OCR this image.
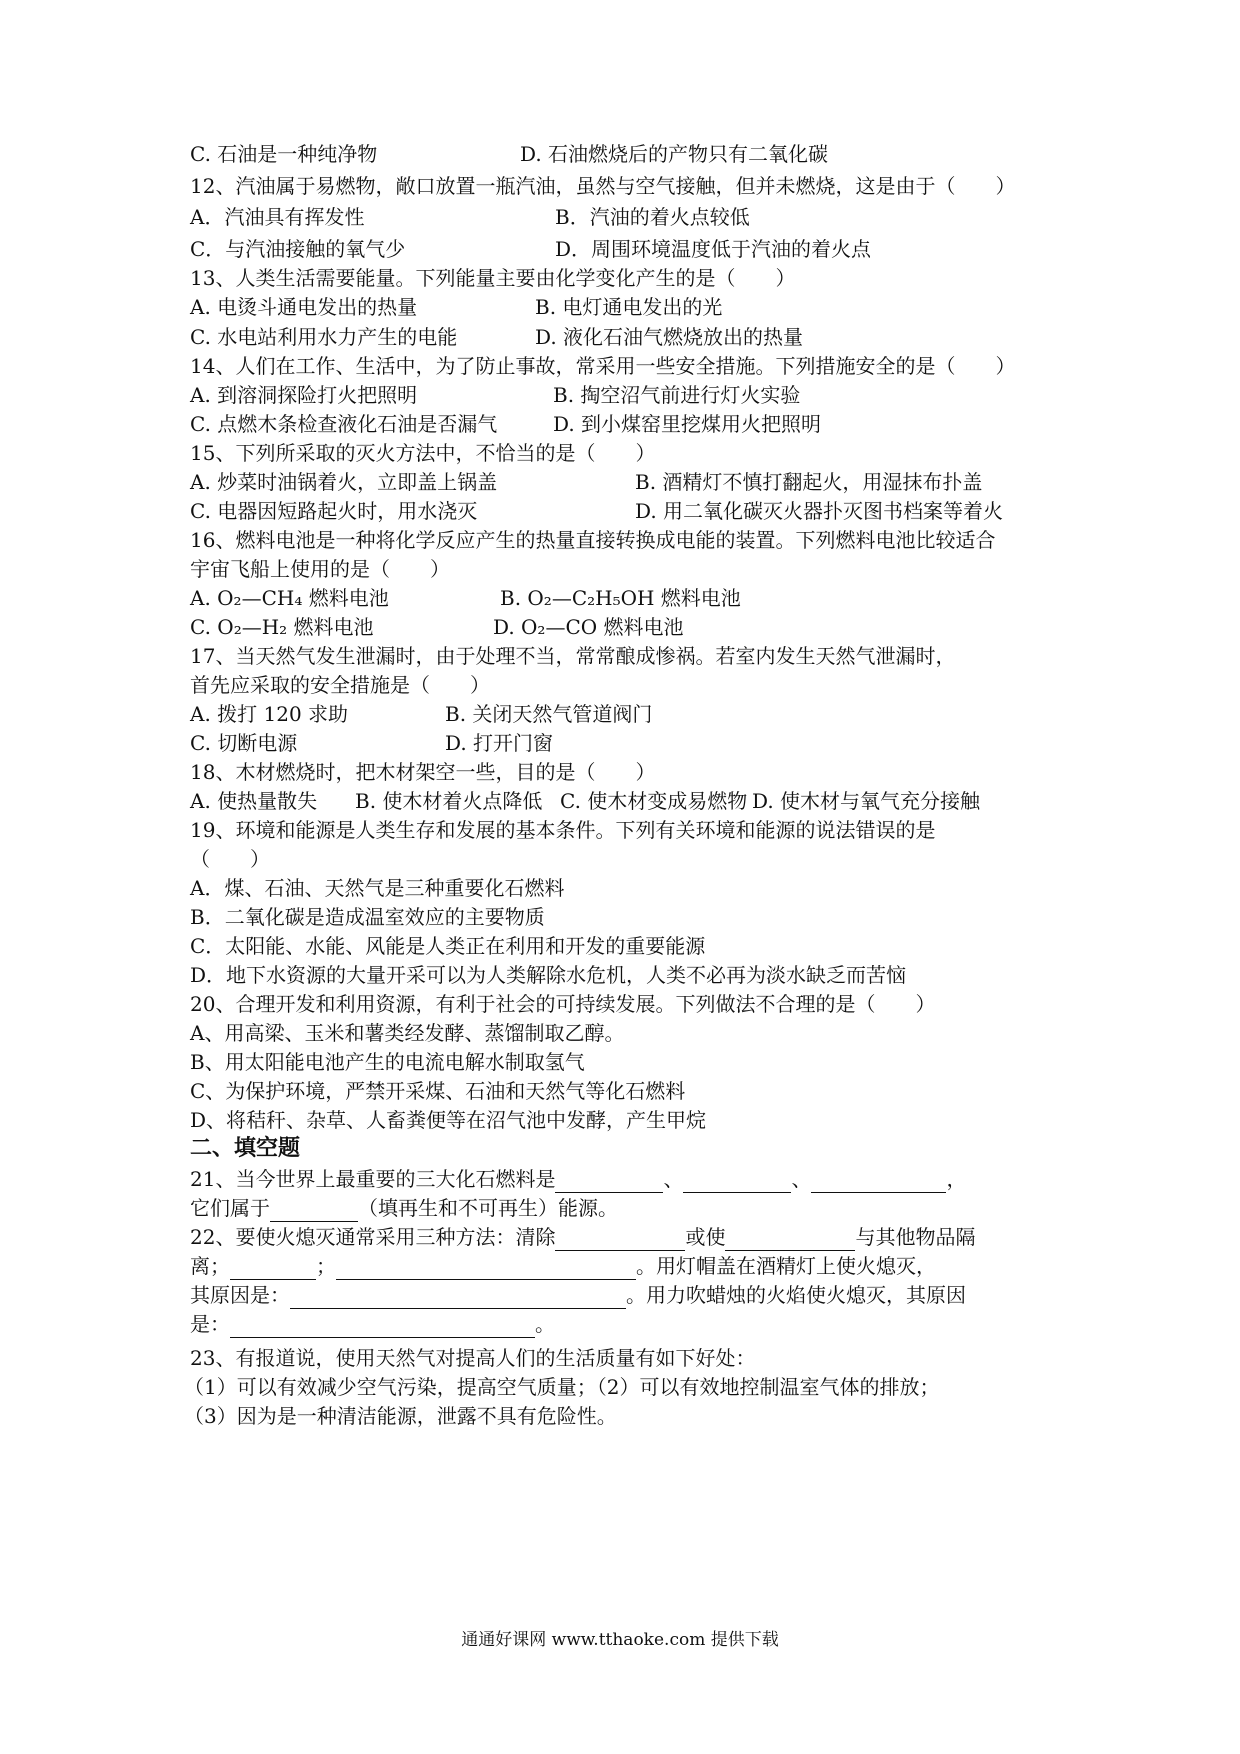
C. 石油是一种纯净物	D. 石油燃烧后的产物只有二氧化碳
12、汽油属于易燃物，敞口放置一瓶汽油，虽然与空气接触，但并未燃烧，这是由于（　　）
A．汽油具有挥发性	B．汽油的着火点较低
C．与汽油接触的氧气少	D．周围环境温度低于汽油的着火点
13、人类生活需要能量。下列能量主要由化学变化产生的是（　　）
A. 电烫斗通电发出的热量	B. 电灯通电发出的光
C. 水电站利用水力产生的电能	D. 液化石油气燃烧放出的热量
14、人们在工作、生活中，为了防止事故，常采用一些安全措施。下列措施安全的是（　　）
A. 到溶洞探险打火把照明	B. 掏空沼气前进行灯火实验
C. 点燃木条检查液化石油是否漏气	D. 到小煤窑里挖煤用火把照明
15、下列所采取的灭火方法中，不恰当的是（　　）
A. 炒菜时油锅着火，立即盖上锅盖	B. 酒精灯不慎打翻起火，用湿抹布扑盖
C. 电器因短路起火时，用水浇灭	D. 用二氧化碳灭火器扑灭图书档案等着火
16、燃料电池是一种将化学反应产生的热量直接转换成电能的装置。下列燃料电池比较适合
宇宙飞船上使用的是（　　）
A. O₂—CH₄ 燃料电池	B. O₂—C₂H₅OH 燃料电池
C. O₂—H₂ 燃料电池	D. O₂—CO 燃料电池
17、当天然气发生泄漏时，由于处理不当，常常酿成惨祸。若室内发生天然气泄漏时，
首先应采取的安全措施是（　　）
A. 拨打 120 求助	B. 关闭天然气管道阀门
C. 切断电源	D. 打开门窗
18、木材燃烧时，把木材架空一些，目的是（　　）
A. 使热量散失 B. 使木材着火点降低 C. 使木材变成易燃物 D. 使木材与氧气充分接触
19、环境和能源是人类生存和发展的基本条件。下列有关环境和能源的说法错误的是
（　　）
A．煤、石油、天然气是三种重要化石燃料
B．二氧化碳是造成温室效应的主要物质
C．太阳能、水能、风能是人类正在利用和开发的重要能源
D．地下水资源的大量开采可以为人类解除水危机，人类不必再为淡水缺乏而苦恼
20、合理开发和利用资源，有利于社会的可持续发展。下列做法不合理的是（　　）
A、用高梁、玉米和薯类经发酵、蒸馏制取乙醇。
B、用太阳能电池产生的电流电解水制取氢气
C、为保护环境，严禁开采煤、石油和天然气等化石燃料
D、将秸秆、杂草、人畜粪便等在沼气池中发酵，产生甲烷
二、填空题
21、当今世界上最重要的三大化石燃料是	、	、	，
它们属于	（填再生和不可再生）能源。
22、要使火熄灭通常采用三种方法：清除	或使	与其他物品隔
离；	；	。用灯帽盖在酒精灯上使火熄灭，
其原因是：	。用力吹蜡烛的火焰使火熄灭，其原因
是：	。
23、有报道说，使用天然气对提高人们的生活质量有如下好处：
（1）可以有效减少空气污染，提高空气质量；（2）可以有效地控制温室气体的排放；
（3）因为是一种清洁能源，泄露不具有危险性。
通通好课网 www.tthaoke.com 提供下载
